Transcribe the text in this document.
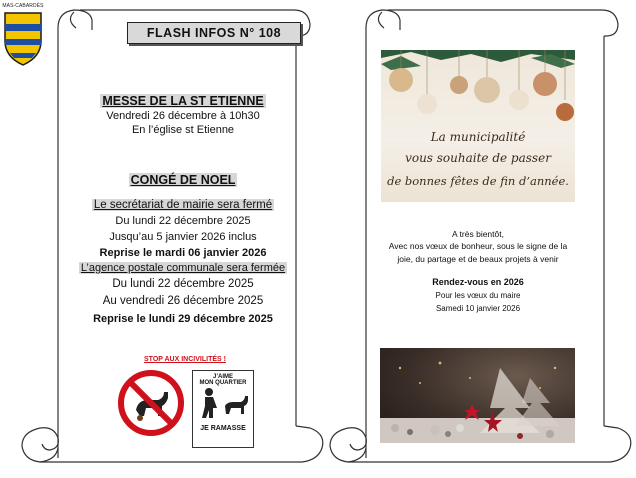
MAS-CABARDÈS
FLASH INFOS N° 108
MESSE DE LA ST ETIENNE
Vendredi 26 décembre à 10h30
En l’église st Etienne
CONGÉ DE NOEL
Le secrétariat de mairie sera fermé
Du lundi 22 décembre 2025
Jusqu’au 5 janvier 2026 inclus
Reprise le mardi 06 janvier 2026
L’agence postale communale sera fermée
Du lundi 22 décembre 2025
Au vendredi 26 décembre 2025
Reprise le lundi 29 décembre 2025
STOP AUX INCIVILITÉS !
JE RAMASSE
J’AIME
MON QUARTIER
JE RAMASSE
La municipalité
vous souhaite de passer
de bonnes fêtes de fin d’année.
A très bientôt,
Avec nos vœux de bonheur, sous le signe de la
joie, du partage et de beaux projets à venir
Rendez-vous en 2026
Pour les vœux du maire
Samedi 10 janvier 2026
